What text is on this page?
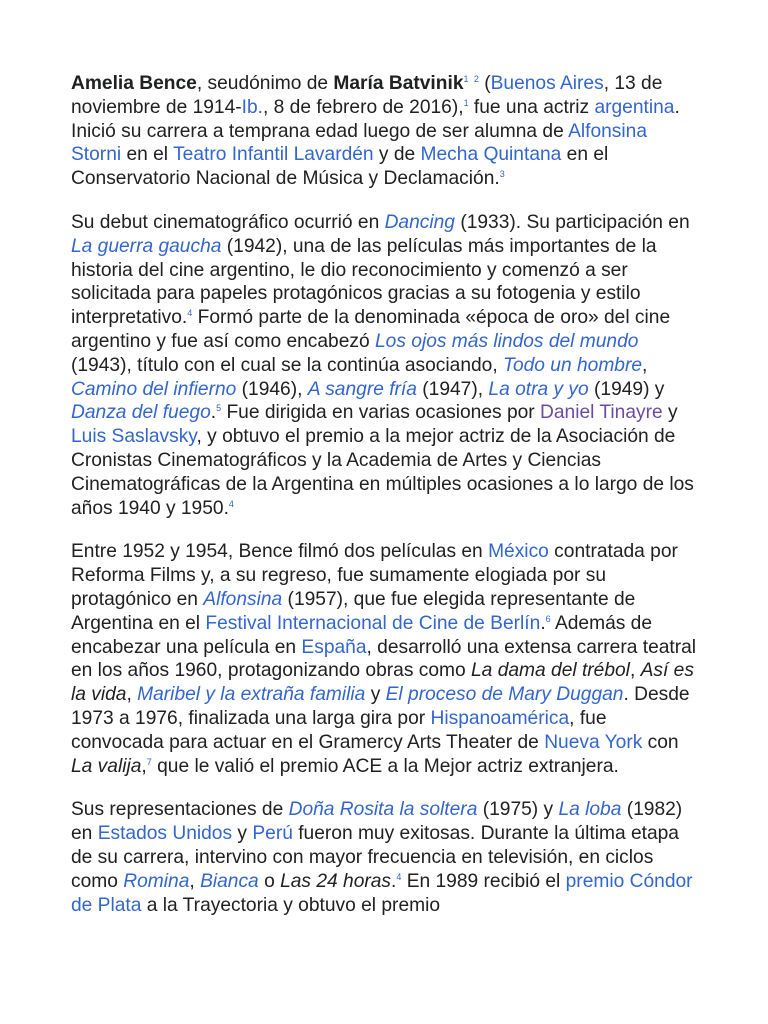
Amelia Bence, seudónimo de María Batvinik$^1$ $^2$ (Buenos Aires, 13 de noviembre de 1914-Ib., 8 de febrero de 2016),$^1$ fue una actriz argentina. Inició su carrera a temprana edad luego de ser alumna de Alfonsina Storni en el Teatro Infantil Lavardén y de Mecha Quintana en el Conservatorio Nacional de Música y Declamación.$^3$

Su debut cinematográfico ocurrió en Dancing (1933). Su participación en La guerra gaucha (1942), una de las películas más importantes de la historia del cine argentino, le dio reconocimiento y comenzó a ser solicitada para papeles protagónicos gracias a su fotogenia y estilo interpretativo.$^4$ Formó parte de la denominada «época de oro» del cine argentino y fue así como encabezó Los ojos más lindos del mundo (1943), título con el cual se la continúa asociando, Todo un hombre, Camino del infierno (1946), A sangre fría (1947), La otra y yo (1949) y Danza del fuego.$^5$ Fue dirigida en varias ocasiones por Daniel Tinayre y Luis Saslavsky, y obtuvo el premio a la mejor actriz de la Asociación de Cronistas Cinematográficos y la Academia de Artes y Ciencias Cinematográficas de la Argentina en múltiples ocasiones a lo largo de los años 1940 y 1950.$^4$

Entre 1952 y 1954, Bence filmó dos películas en México contratada por Reforma Films y, a su regreso, fue sumamente elogiada por su protagónico en Alfonsina (1957), que fue elegida representante de Argentina en el Festival Internacional de Cine de Berlín.$^6$ Además de encabezar una película en España, desarrolló una extensa carrera teatral en los años 1960, protagonizando obras como La dama del trébol, Así es la vida, Maribel y la extraña familia y El proceso de Mary Duggan. Desde 1973 a 1976, finalizada una larga gira por Hispanoamérica, fue convocada para actuar en el Gramercy Arts Theater de Nueva York con La valija,$^7$ que le valió el premio ACE a la Mejor actriz extranjera.

Sus representaciones de Doña Rosita la soltera (1975) y La loba (1982) en Estados Unidos y Perú fueron muy exitosas. Durante la última etapa de su carrera, intervino con mayor frecuencia en televisión, en ciclos como Romina, Bianca o Las 24 horas.$^4$ En 1989 recibió el premio Cóndor de Plata a la Trayectoria y obtuvo el premio
